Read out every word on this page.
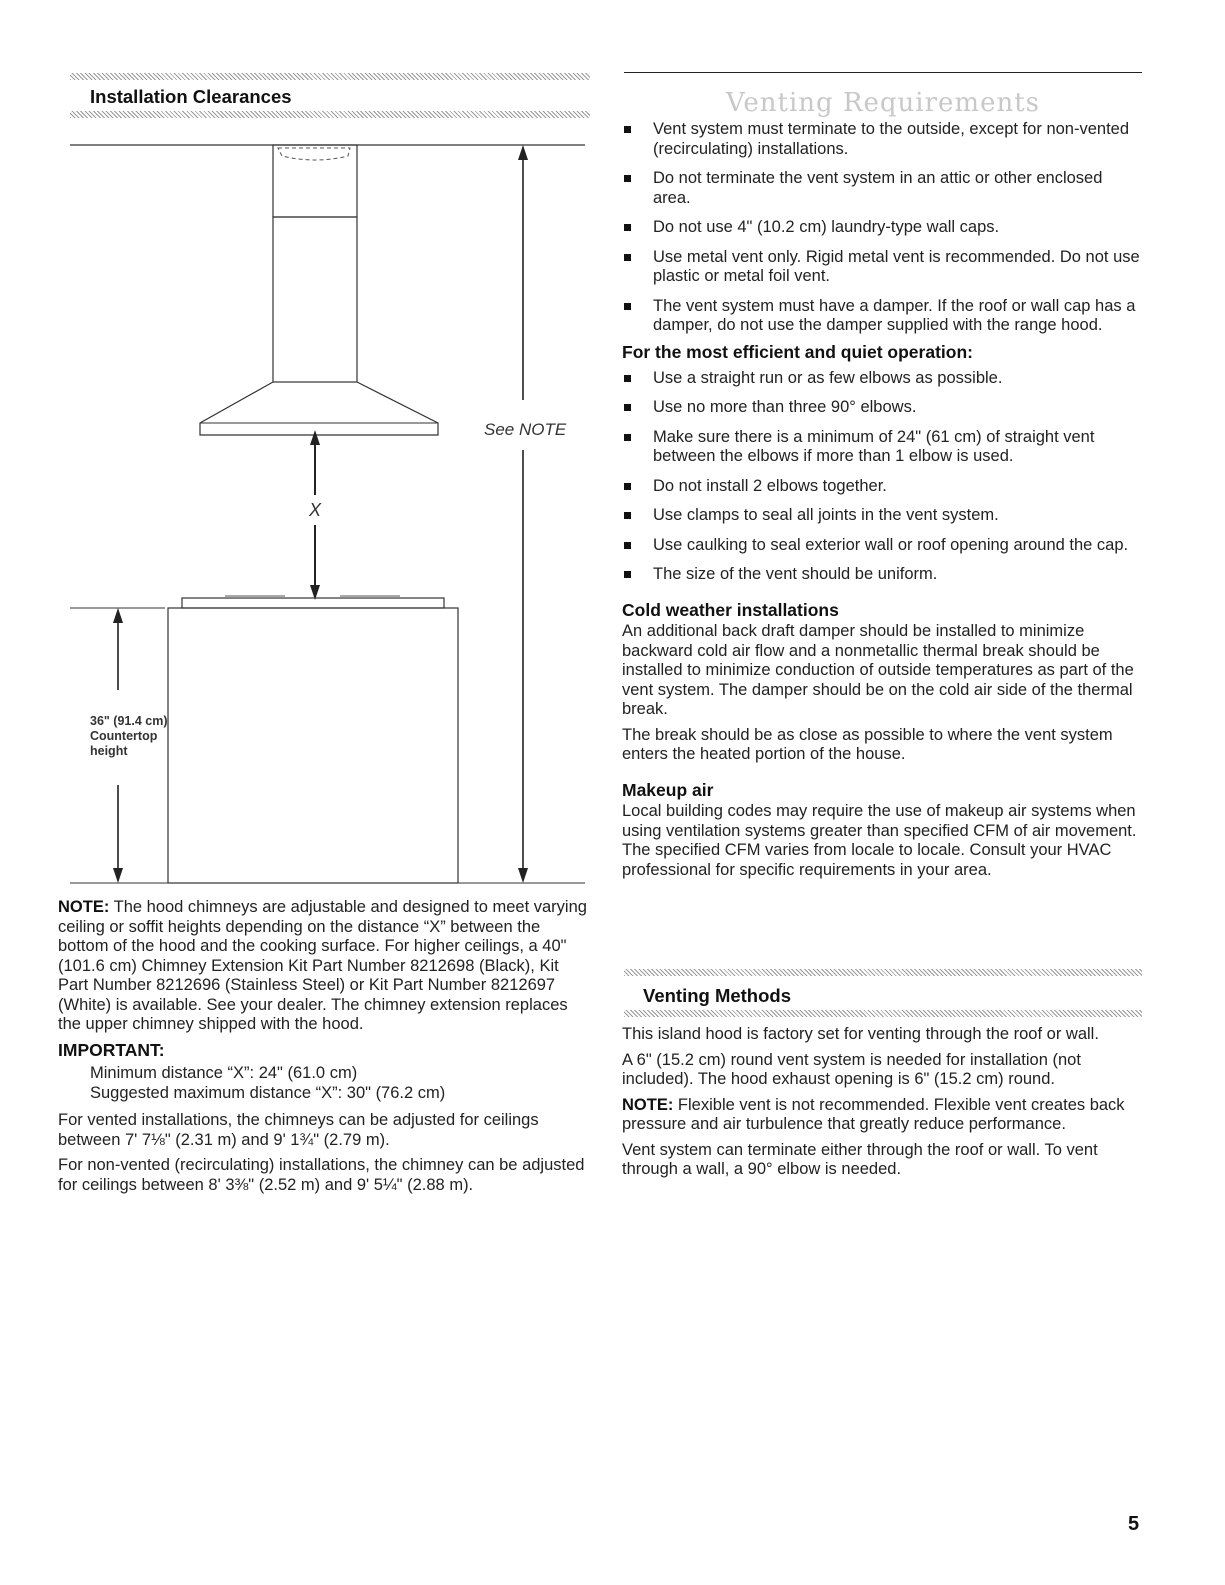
Installation Clearances
See NOTE
X
36" (91.4 cm)
Countertop
height

NOTE: The hood chimneys are adjustable and designed to meet varying ceiling or soffit heights depending on the distance “X” between the bottom of the hood and the cooking surface. For higher ceilings, a 40" (101.6 cm) Chimney Extension Kit Part Number 8212698 (Black), Kit Part Number 8212696 (Stainless Steel) or Kit Part Number 8212697 (White) is available. See your dealer. The chimney extension replaces the upper chimney shipped with the hood.

IMPORTANT:
Minimum distance “X”: 24" (61.0 cm)
Suggested maximum distance “X”: 30" (76.2 cm)

For vented installations, the chimneys can be adjusted for ceilings between 7' 7⅛" (2.31 m) and 9' 1¾" (2.79 m).

For non-vented (recirculating) installations, the chimney can be adjusted for ceilings between 8' 3⅜" (2.52 m) and 9' 5¼" (2.88 m).

Venting Requirements
Vent system must terminate to the outside, except for non-vented (recirculating) installations.
Do not terminate the vent system in an attic or other enclosed area.
Do not use 4" (10.2 cm) laundry-type wall caps.
Use metal vent only. Rigid metal vent is recommended. Do not use plastic or metal foil vent.
The vent system must have a damper. If the roof or wall cap has a damper, do not use the damper supplied with the range hood.
For the most efficient and quiet operation:
Use a straight run or as few elbows as possible.
Use no more than three 90° elbows.
Make sure there is a minimum of 24" (61 cm) of straight vent between the elbows if more than 1 elbow is used.
Do not install 2 elbows together.
Use clamps to seal all joints in the vent system.
Use caulking to seal exterior wall or roof opening around the cap.
The size of the vent should be uniform.
Cold weather installations

An additional back draft damper should be installed to minimize backward cold air flow and a nonmetallic thermal break should be installed to minimize conduction of outside temperatures as part of the vent system. The damper should be on the cold air side of the thermal break.

The break should be as close as possible to where the vent system enters the heated portion of the house.

Makeup air

Local building codes may require the use of makeup air systems when using ventilation systems greater than specified CFM of air movement. The specified CFM varies from locale to locale. Consult your HVAC professional for specific requirements in your area.

Venting Methods

This island hood is factory set for venting through the roof or wall.

A 6" (15.2 cm) round vent system is needed for installation (not included). The hood exhaust opening is 6" (15.2 cm) round.

NOTE: Flexible vent is not recommended. Flexible vent creates back pressure and air turbulence that greatly reduce performance.

Vent system can terminate either through the roof or wall. To vent through a wall, a 90° elbow is needed.

5
